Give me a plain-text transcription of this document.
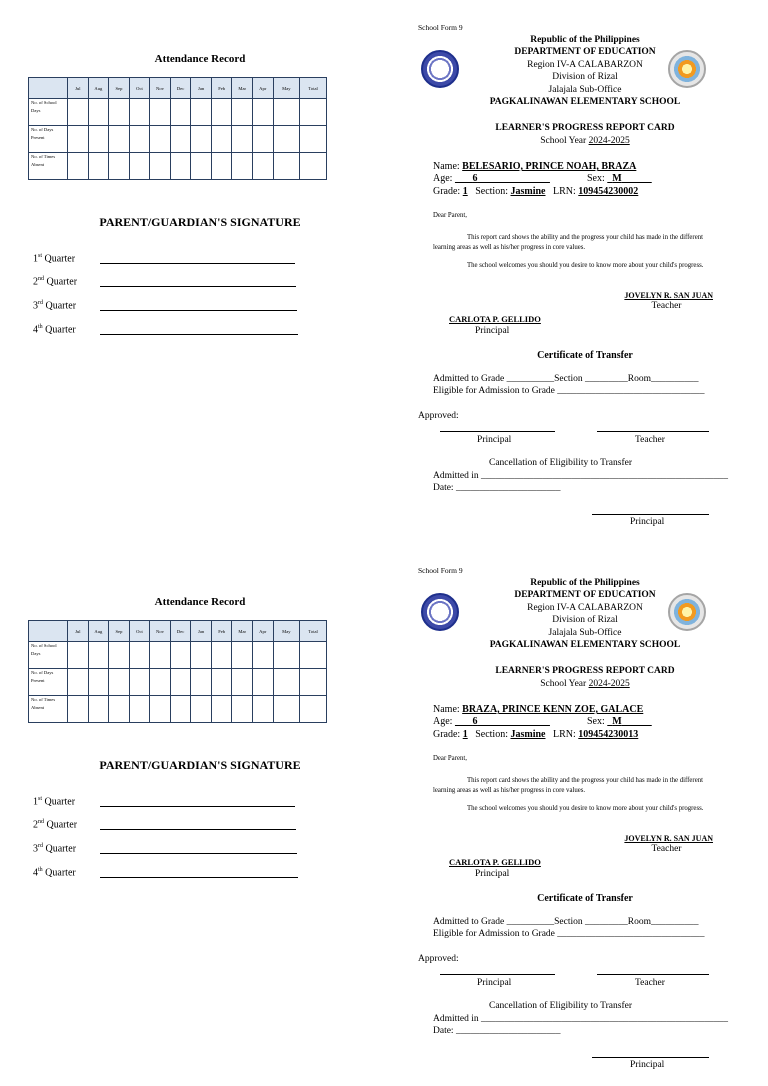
Attendance Record
	Jul	Aug	Sep	Oct	Nov	Dec	Jan	Feb	Mar	Apr	May	Total
No. of School Days												
No. of Days Present												
No. of Times Absent												
PARENT/GUARDIAN'S SIGNATURE
1st Quarter
2nd Quarter
3rd Quarter
4th Quarter
School Form 9
Republic of the Philippines
DEPARTMENT OF EDUCATION
Region IV-A CALABARZON
Division of Rizal
Jalajala Sub-Office
PAGKALINAWAN ELEMENTARY SCHOOL
LEARNER'S PROGRESS REPORT CARD
School Year 2024-2025
Name: BELESARIO, PRINCE NOAH, BRAZA
Age:        6	Sex:   M
Grade: 1 Section: Jasmine LRN: 109454230002
Dear Parent,
This report card shows the ability and the progress your child has made in the different learning areas as well as his/her progress in core values.
The school welcomes you should you desire to know more about your child's progress.
JOVELYN R. SAN JUAN
Teacher
CARLOTA P. GELLIDO
Principal
Certificate of Transfer
Admitted to Grade __________Section _________Room__________
Eligible for Admission to Grade _______________________________
Approved:
Principal	Teacher
Cancellation of Eligibility to Transfer
Admitted in ____________________________________________________
Date: ______________________
Principal
Attendance Record
	Jul	Aug	Sep	Oct	Nov	Dec	Jan	Feb	Mar	Apr	May	Total
No. of School Days												
No. of Days Present												
No. of Times Absent												
PARENT/GUARDIAN'S SIGNATURE
1st Quarter
2nd Quarter
3rd Quarter
4th Quarter
School Form 9
Republic of the Philippines
DEPARTMENT OF EDUCATION
Region IV-A CALABARZON
Division of Rizal
Jalajala Sub-Office
PAGKALINAWAN ELEMENTARY SCHOOL
LEARNER'S PROGRESS REPORT CARD
School Year 2024-2025
Name: BRAZA, PRINCE KENN ZOE, GALACE
Age:        6	Sex:   M
Grade: 1 Section: Jasmine LRN: 109454230013
Dear Parent,
This report card shows the ability and the progress your child has made in the different learning areas as well as his/her progress in core values.
The school welcomes you should you desire to know more about your child's progress.
JOVELYN R. SAN JUAN
Teacher
CARLOTA P. GELLIDO
Principal
Certificate of Transfer
Admitted to Grade __________Section _________Room__________
Eligible for Admission to Grade _______________________________
Approved:
Principal	Teacher
Cancellation of Eligibility to Transfer
Admitted in ____________________________________________________
Date: ______________________
Principal
